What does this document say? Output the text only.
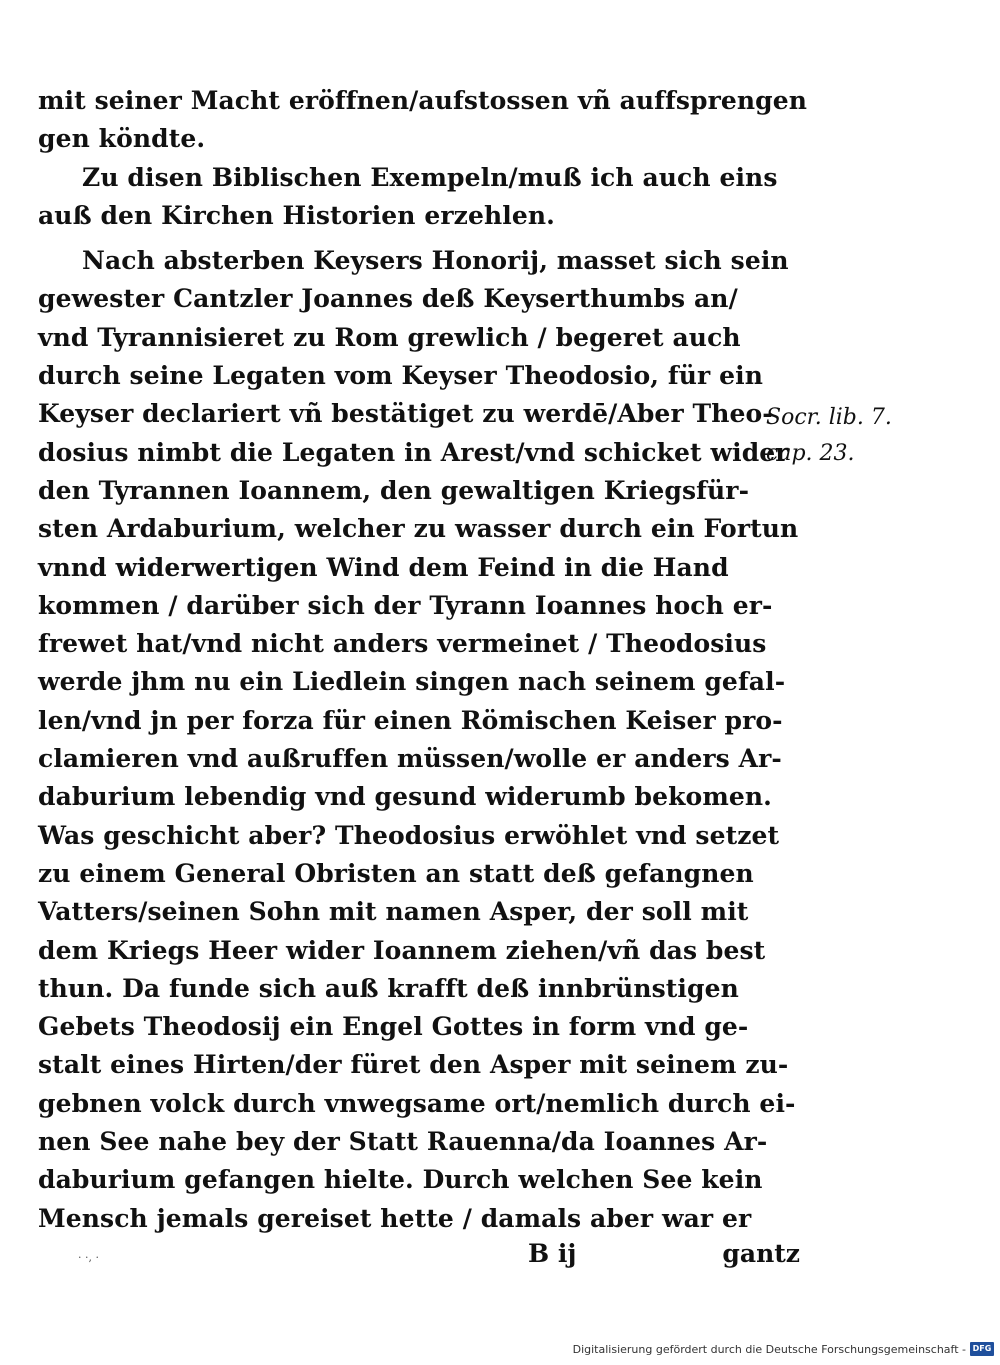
mit seiner Macht eröffnen/aufstossen vñ auffsprengen
gen köndte.
Zu disen Biblischen Exempeln/muß ich auch eins
auß den Kirchen Historien erzehlen.
Nach absterben Keysers Honorij, masset sich sein
gewester Cantzler Joannes deß Keyserthumbs an/
vnd Tyrannisieret zu Rom grewlich / begeret auch
durch seine Legaten vom Keyser Theodosio, für ein
Keyser declariert vñ bestätiget zu werdē/Aber Theo-
dosius nimbt die Legaten in Arest/vnd schicket wider
den Tyrannen Ioannem, den gewaltigen Kriegsfür-
sten Ardaburium, welcher zu wasser durch ein Fortun
vnnd widerwertigen Wind dem Feind in die Hand
kommen / darüber sich der Tyrann Ioannes hoch er-
frewet hat/vnd nicht anders vermeinet / Theodosius
werde jhm nu ein Liedlein singen nach seinem gefal-
len/vnd jn per forza für einen Römischen Keiser pro-
clamieren vnd außruffen müssen/wolle er anders Ar-
daburium lebendig vnd gesund widerumb bekomen.
Was geschicht aber? Theodosius erwöhlet vnd setzet
zu einem General Obristen an statt deß gefangnen
Vatters/seinen Sohn mit namen Asper, der soll mit
dem Kriegs Heer wider Ioannem ziehen/vñ das best
thun. Da funde sich auß krafft deß innbrünstigen
Gebets Theodosij ein Engel Gottes in form vnd ge-
stalt eines Hirten/der füret den Asper mit seinem zu-
gebnen volck durch vnwegsame ort/nemlich durch ei-
nen See nahe bey der Statt Rauenna/da Ioannes Ar-
daburium gefangen hielte. Durch welchen See kein
Mensch jemals gereiset hette / damals aber war er
· ·, ·	B ij	gantz
Socr. lib. 7.
cap. 23.
Digitalisierung gefördert durch die Deutsche Forschungsgemeinschaft - DFG
